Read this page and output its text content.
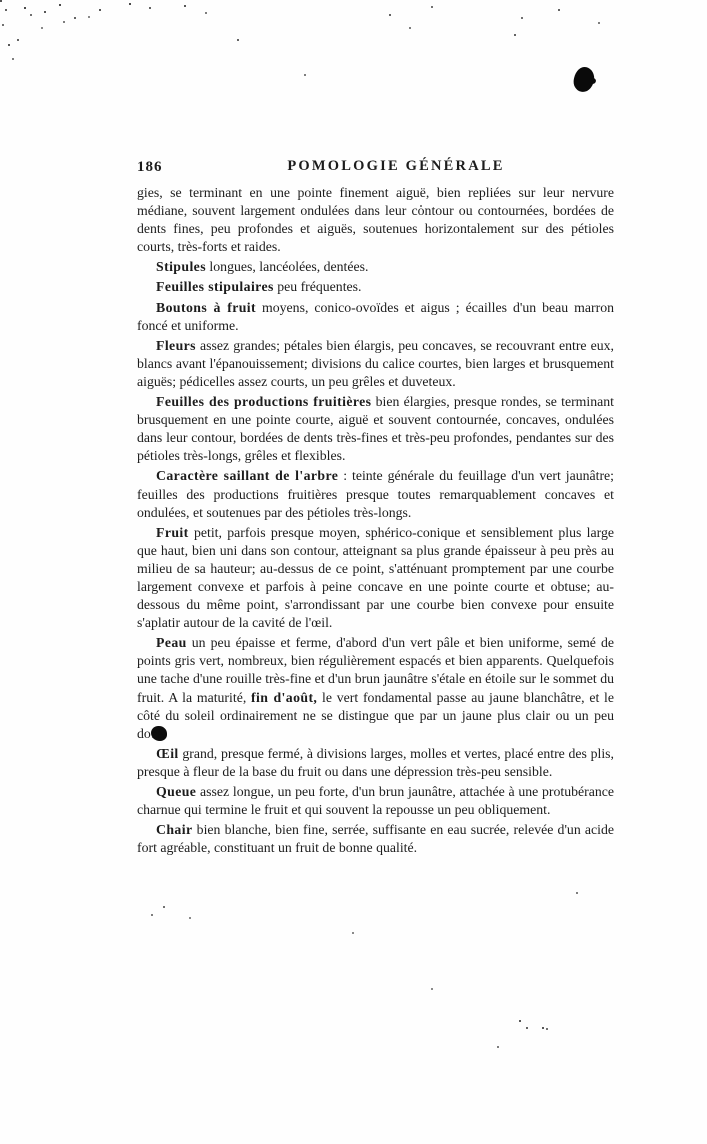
186	POMOLOGIE GÉNÉRALE

gies, se terminant en une pointe finement aiguë, bien repliées sur leur nervure médiane, souvent largement ondulées dans leur contour ou contournées, bordées de dents fines, peu profondes et aiguës, soutenues horizontalement sur des pétioles courts, très-forts et raides.

Stipules longues, lancéolées, dentées.

Feuilles stipulaires peu fréquentes.

Boutons à fruit moyens, conico-ovoïdes et aigus ; écailles d'un beau marron foncé et uniforme.

Fleurs assez grandes; pétales bien élargis, peu concaves, se recouvrant entre eux, blancs avant l'épanouissement; divisions du calice courtes, bien larges et brusquement aiguës; pédicelles assez courts, un peu grêles et duveteux.

Feuilles des productions fruitières bien élargies, presque rondes, se terminant brusquement en une pointe courte, aiguë et souvent contournée, concaves, ondulées dans leur contour, bordées de dents très-fines et très-peu profondes, pendantes sur des pétioles très-longs, grêles et flexibles.

Caractère saillant de l'arbre : teinte générale du feuillage d'un vert jaunâtre; feuilles des productions fruitières presque toutes remarquablement concaves et ondulées, et soutenues par des pétioles très-longs.

Fruit petit, parfois presque moyen, sphérico-conique et sensiblement plus large que haut, bien uni dans son contour, atteignant sa plus grande épaisseur à peu près au milieu de sa hauteur; au-dessus de ce point, s'atténuant promptement par une courbe largement convexe et parfois à peine concave en une pointe courte et obtuse; au-dessous du même point, s'arrondissant par une courbe bien convexe pour ensuite s'aplatir autour de la cavité de l'œil.

Peau un peu épaisse et ferme, d'abord d'un vert pâle et bien uniforme, semé de points gris vert, nombreux, bien régulièrement espacés et bien apparents. Quelquefois une tache d'une rouille très-fine et d'un brun jaunâtre s'étale en étoile sur le sommet du fruit. A la maturité, fin d'août, le vert fondamental passe au jaune blanchâtre, et le côté du soleil ordinairement ne se distingue que par un jaune plus clair ou un peu doré.

Œil grand, presque fermé, à divisions larges, molles et vertes, placé entre des plis, presque à fleur de la base du fruit ou dans une dépression très-peu sensible.

Queue assez longue, un peu forte, d'un brun jaunâtre, attachée à une protubérance charnue qui termine le fruit et qui souvent la repousse un peu obliquement.

Chair bien blanche, bien fine, serrée, suffisante en eau sucrée, relevée d'un acide fort agréable, constituant un fruit de bonne qualité.
